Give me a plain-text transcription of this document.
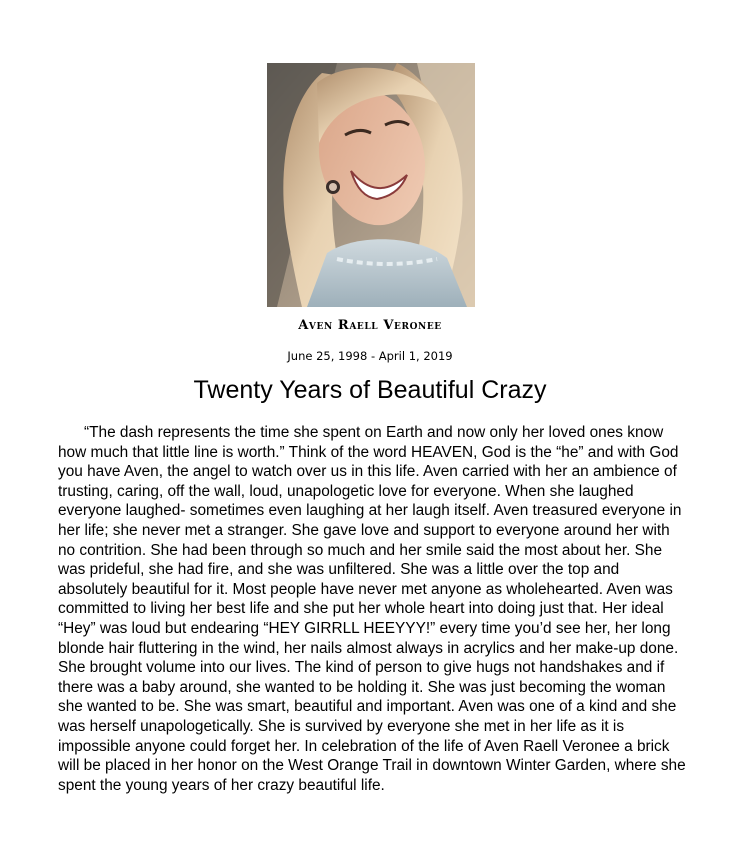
Aven Raell Veronee
June 25, 1998 - April 1, 2019
Twenty Years of Beautiful Crazy

“The dash represents the time she spent on Earth and now only her loved ones know how much that little line is worth.” Think of the word HEAVEN, God is the “he” and with God you have Aven, the angel to watch over us in this life. Aven carried with her an ambience of trusting, caring, off the wall, loud, unapologetic love for everyone. When she laughed everyone laughed- sometimes even laughing at her laugh itself. Aven treasured everyone in her life; she never met a stranger. She gave love and support to everyone around her with no contrition. She had been through so much and her smile said the most about her. She was prideful, she had fire, and she was unfiltered. She was a little over the top and absolutely beautiful for it. Most people have never met anyone as wholehearted. Aven was committed to living her best life and she put her whole heart into doing just that. Her ideal “Hey” was loud but endearing “HEY GIRRLL HEEYYY!” every time you’d see her, her long blonde hair fluttering in the wind, her nails almost always in acrylics and her make-up done. She brought volume into our lives. The kind of person to give hugs not handshakes and if there was a baby around, she wanted to be holding it. She was just becoming the woman she wanted to be. She was smart, beautiful and important. Aven was one of a kind and she was herself unapologetically. She is survived by everyone she met in her life as it is impossible anyone could forget her. In celebration of the life of Aven Raell Veronee a brick will be placed in her honor on the West Orange Trail in downtown Winter Garden, where she spent the young years of her crazy beautiful life.
